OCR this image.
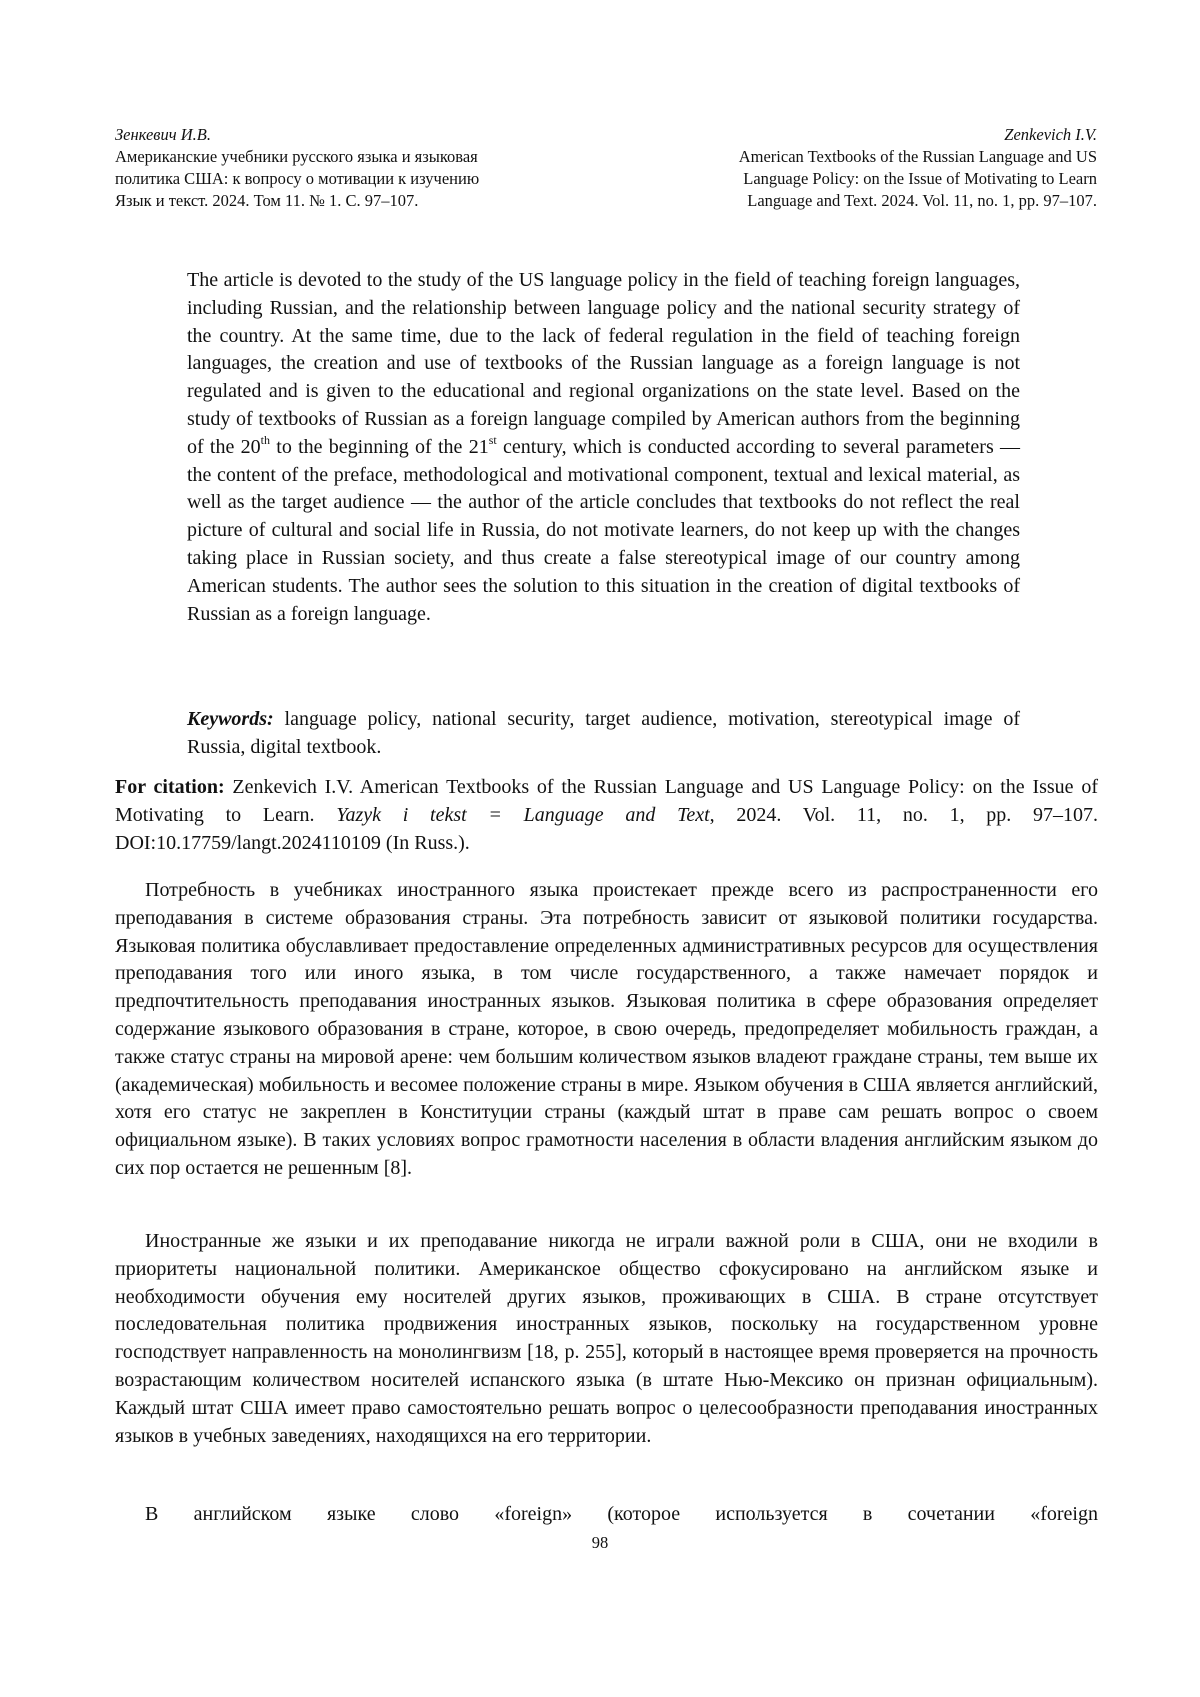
Зенкевич И.В.
Американские учебники русского языка и языковая
политика США: к вопросу о мотивации к изучению
Язык и текст. 2024. Том 11. № 1. С. 97–107.
Zenkevich I.V.
American Textbooks of the Russian Language and US
Language Policy: on the Issue of Motivating to Learn
Language and Text. 2024. Vol. 11, no. 1, pp. 97–107.

The article is devoted to the study of the US language policy in the field of teaching foreign languages, including Russian, and the relationship between language policy and the national security strategy of the country. At the same time, due to the lack of federal regulation in the field of teaching foreign languages, the creation and use of textbooks of the Russian language as a foreign language is not regulated and is given to the educational and regional organizations on the state level. Based on the study of textbooks of Russian as a foreign language compiled by American authors from the beginning of the 20th to the beginning of the 21st century, which is conducted according to several parameters — the content of the preface, methodological and motivational component, textual and lexical material, as well as the target audience — the author of the article concludes that textbooks do not reflect the real picture of cultural and social life in Russia, do not motivate learners, do not keep up with the changes taking place in Russian society, and thus create a false stereotypical image of our country among American students. The author sees the solution to this situation in the creation of digital textbooks of Russian as a foreign language.

Keywords: language policy, national security, target audience, motivation, stereotypical image of Russia, digital textbook.

For citation: Zenkevich I.V. American Textbooks of the Russian Language and US Language Policy: on the Issue of Motivating to Learn. Yazyk i tekst = Language and Text, 2024. Vol. 11, no. 1, pp. 97–107. DOI:10.17759/langt.2024110109 (In Russ.).

Потребность в учебниках иностранного языка проистекает прежде всего из распространенности его преподавания в системе образования страны. Эта потребность зависит от языковой политики государства. Языковая политика обуславливает предоставление определенных административных ресурсов для осуществления преподавания того или иного языка, в том числе государственного, а также намечает порядок и предпочтительность преподавания иностранных языков. Языковая политика в сфере образования определяет содержание языкового образования в стране, которое, в свою очередь, предопределяет мобильность граждан, а также статус страны на мировой арене: чем большим количеством языков владеют граждане страны, тем выше их (академическая) мобильность и весомее положение страны в мире. Языком обучения в США является английский, хотя его статус не закреплен в Конституции страны (каждый штат в праве сам решать вопрос о своем официальном языке). В таких условиях вопрос грамотности населения в области владения английским языком до сих пор остается не решенным [8].

Иностранные же языки и их преподавание никогда не играли важной роли в США, они не входили в приоритеты национальной политики. Американское общество сфокусировано на английском языке и необходимости обучения ему носителей других языков, проживающих в США. В стране отсутствует последовательная политика продвижения иностранных языков, поскольку на государственном уровне господствует направленность на монолингвизм [18, p. 255], который в настоящее время проверяется на прочность возрастающим количеством носителей испанского языка (в штате Нью-Мексико он признан официальным). Каждый штат США имеет право самостоятельно решать вопрос о целесообразности преподавания иностранных языков в учебных заведениях, находящихся на его территории.

В английском языке слово «foreign» (которое используется в сочетании «foreign

98
